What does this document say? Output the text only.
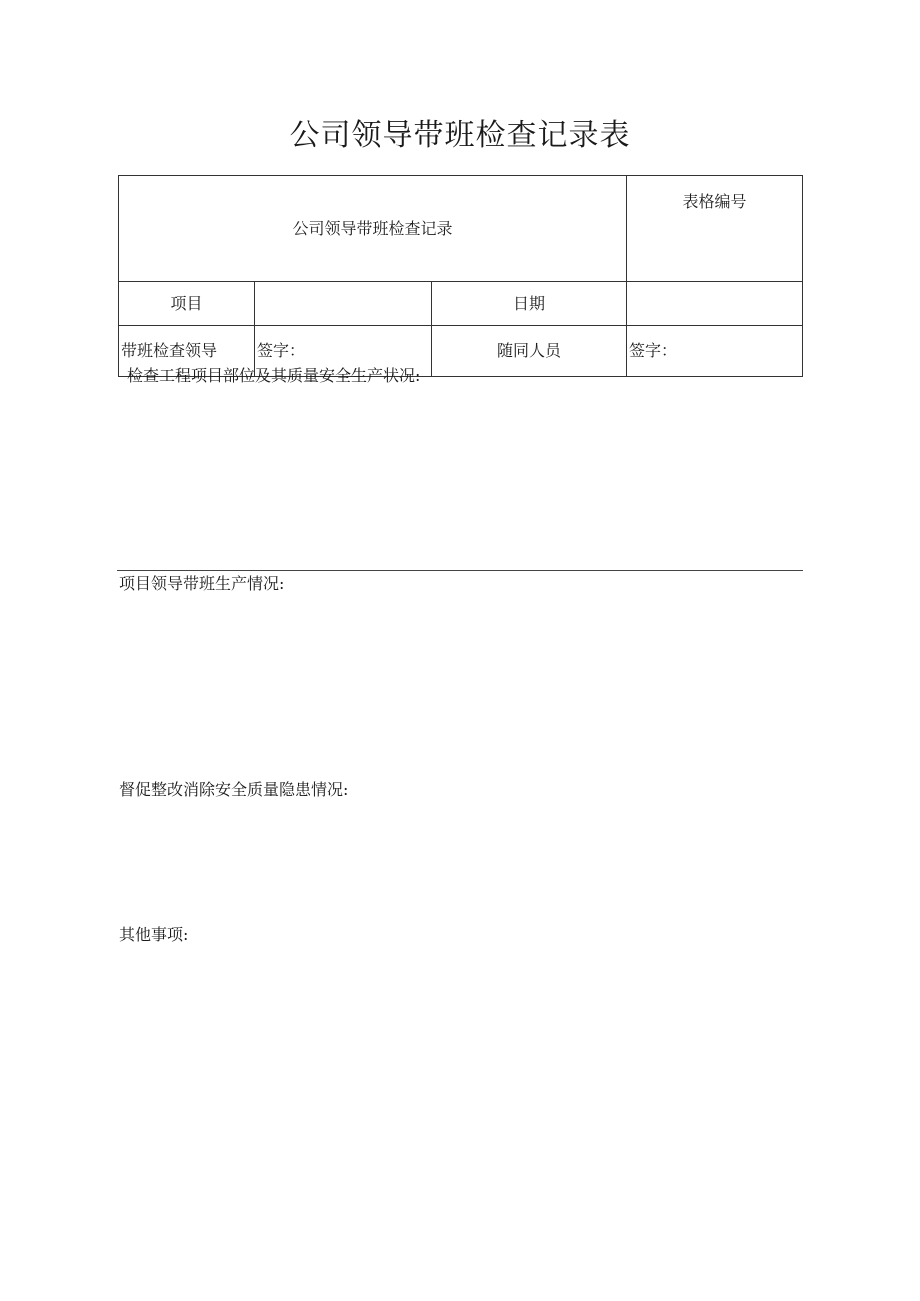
公司领导带班检查记录表
公司领导带班检查记录			表格编号
项目		日期	
带班检查领导	签字：	随同人员	签字：
检查工程项目部位及其质量安全生产状况:
项目领导带班生产情况:
督促整改消除安全质量隐患情况:
其他事项:
